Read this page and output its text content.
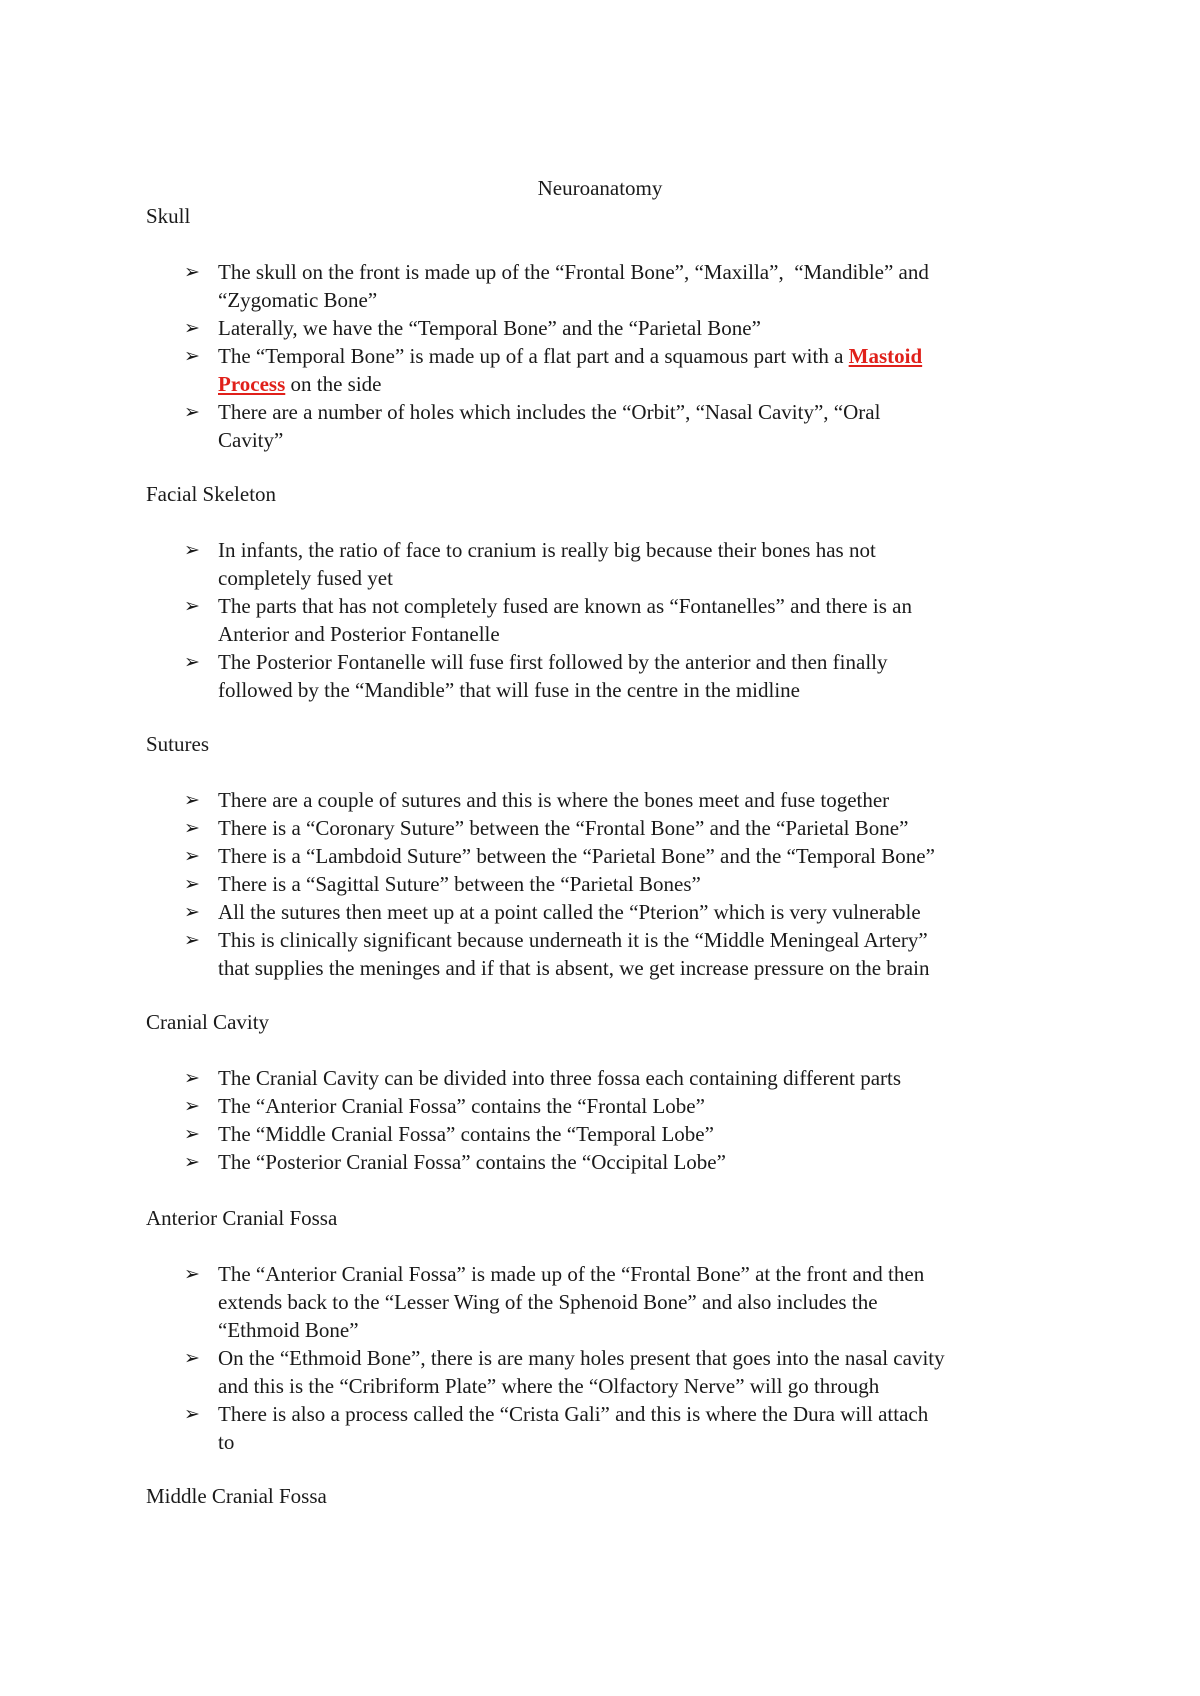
Neuroanatomy
Skull
➢ The skull on the front is made up of the “Frontal Bone”, “Maxilla”,  “Mandible” and
“Zygomatic Bone”
➢ Laterally, we have the “Temporal Bone” and the “Parietal Bone”
➢ The “Temporal Bone” is made up of a flat part and a squamous part with a Mastoid
Process on the side
➢ There are a number of holes which includes the “Orbit”, “Nasal Cavity”, “Oral
Cavity”
Facial Skeleton
➢ In infants, the ratio of face to cranium is really big because their bones has not
completely fused yet
➢ The parts that has not completely fused are known as “Fontanelles” and there is an
Anterior and Posterior Fontanelle
➢ The Posterior Fontanelle will fuse first followed by the anterior and then finally
followed by the “Mandible” that will fuse in the centre in the midline
Sutures
➢ There are a couple of sutures and this is where the bones meet and fuse together
➢ There is a “Coronary Suture” between the “Frontal Bone” and the “Parietal Bone”
➢ There is a “Lambdoid Suture” between the “Parietal Bone” and the “Temporal Bone”
➢ There is a “Sagittal Suture” between the “Parietal Bones”
➢ All the sutures then meet up at a point called the “Pterion” which is very vulnerable
➢ This is clinically significant because underneath it is the “Middle Meningeal Artery”
that supplies the meninges and if that is absent, we get increase pressure on the brain
Cranial Cavity
➢ The Cranial Cavity can be divided into three fossa each containing different parts
➢ The “Anterior Cranial Fossa” contains the “Frontal Lobe”
➢ The “Middle Cranial Fossa” contains the “Temporal Lobe”
➢ The “Posterior Cranial Fossa” contains the “Occipital Lobe”
Anterior Cranial Fossa
➢ The “Anterior Cranial Fossa” is made up of the “Frontal Bone” at the front and then
extends back to the “Lesser Wing of the Sphenoid Bone” and also includes the
“Ethmoid Bone”
➢ On the “Ethmoid Bone”, there is are many holes present that goes into the nasal cavity
and this is the “Cribriform Plate” where the “Olfactory Nerve” will go through
➢ There is also a process called the “Crista Gali” and this is where the Dura will attach
to
Middle Cranial Fossa
